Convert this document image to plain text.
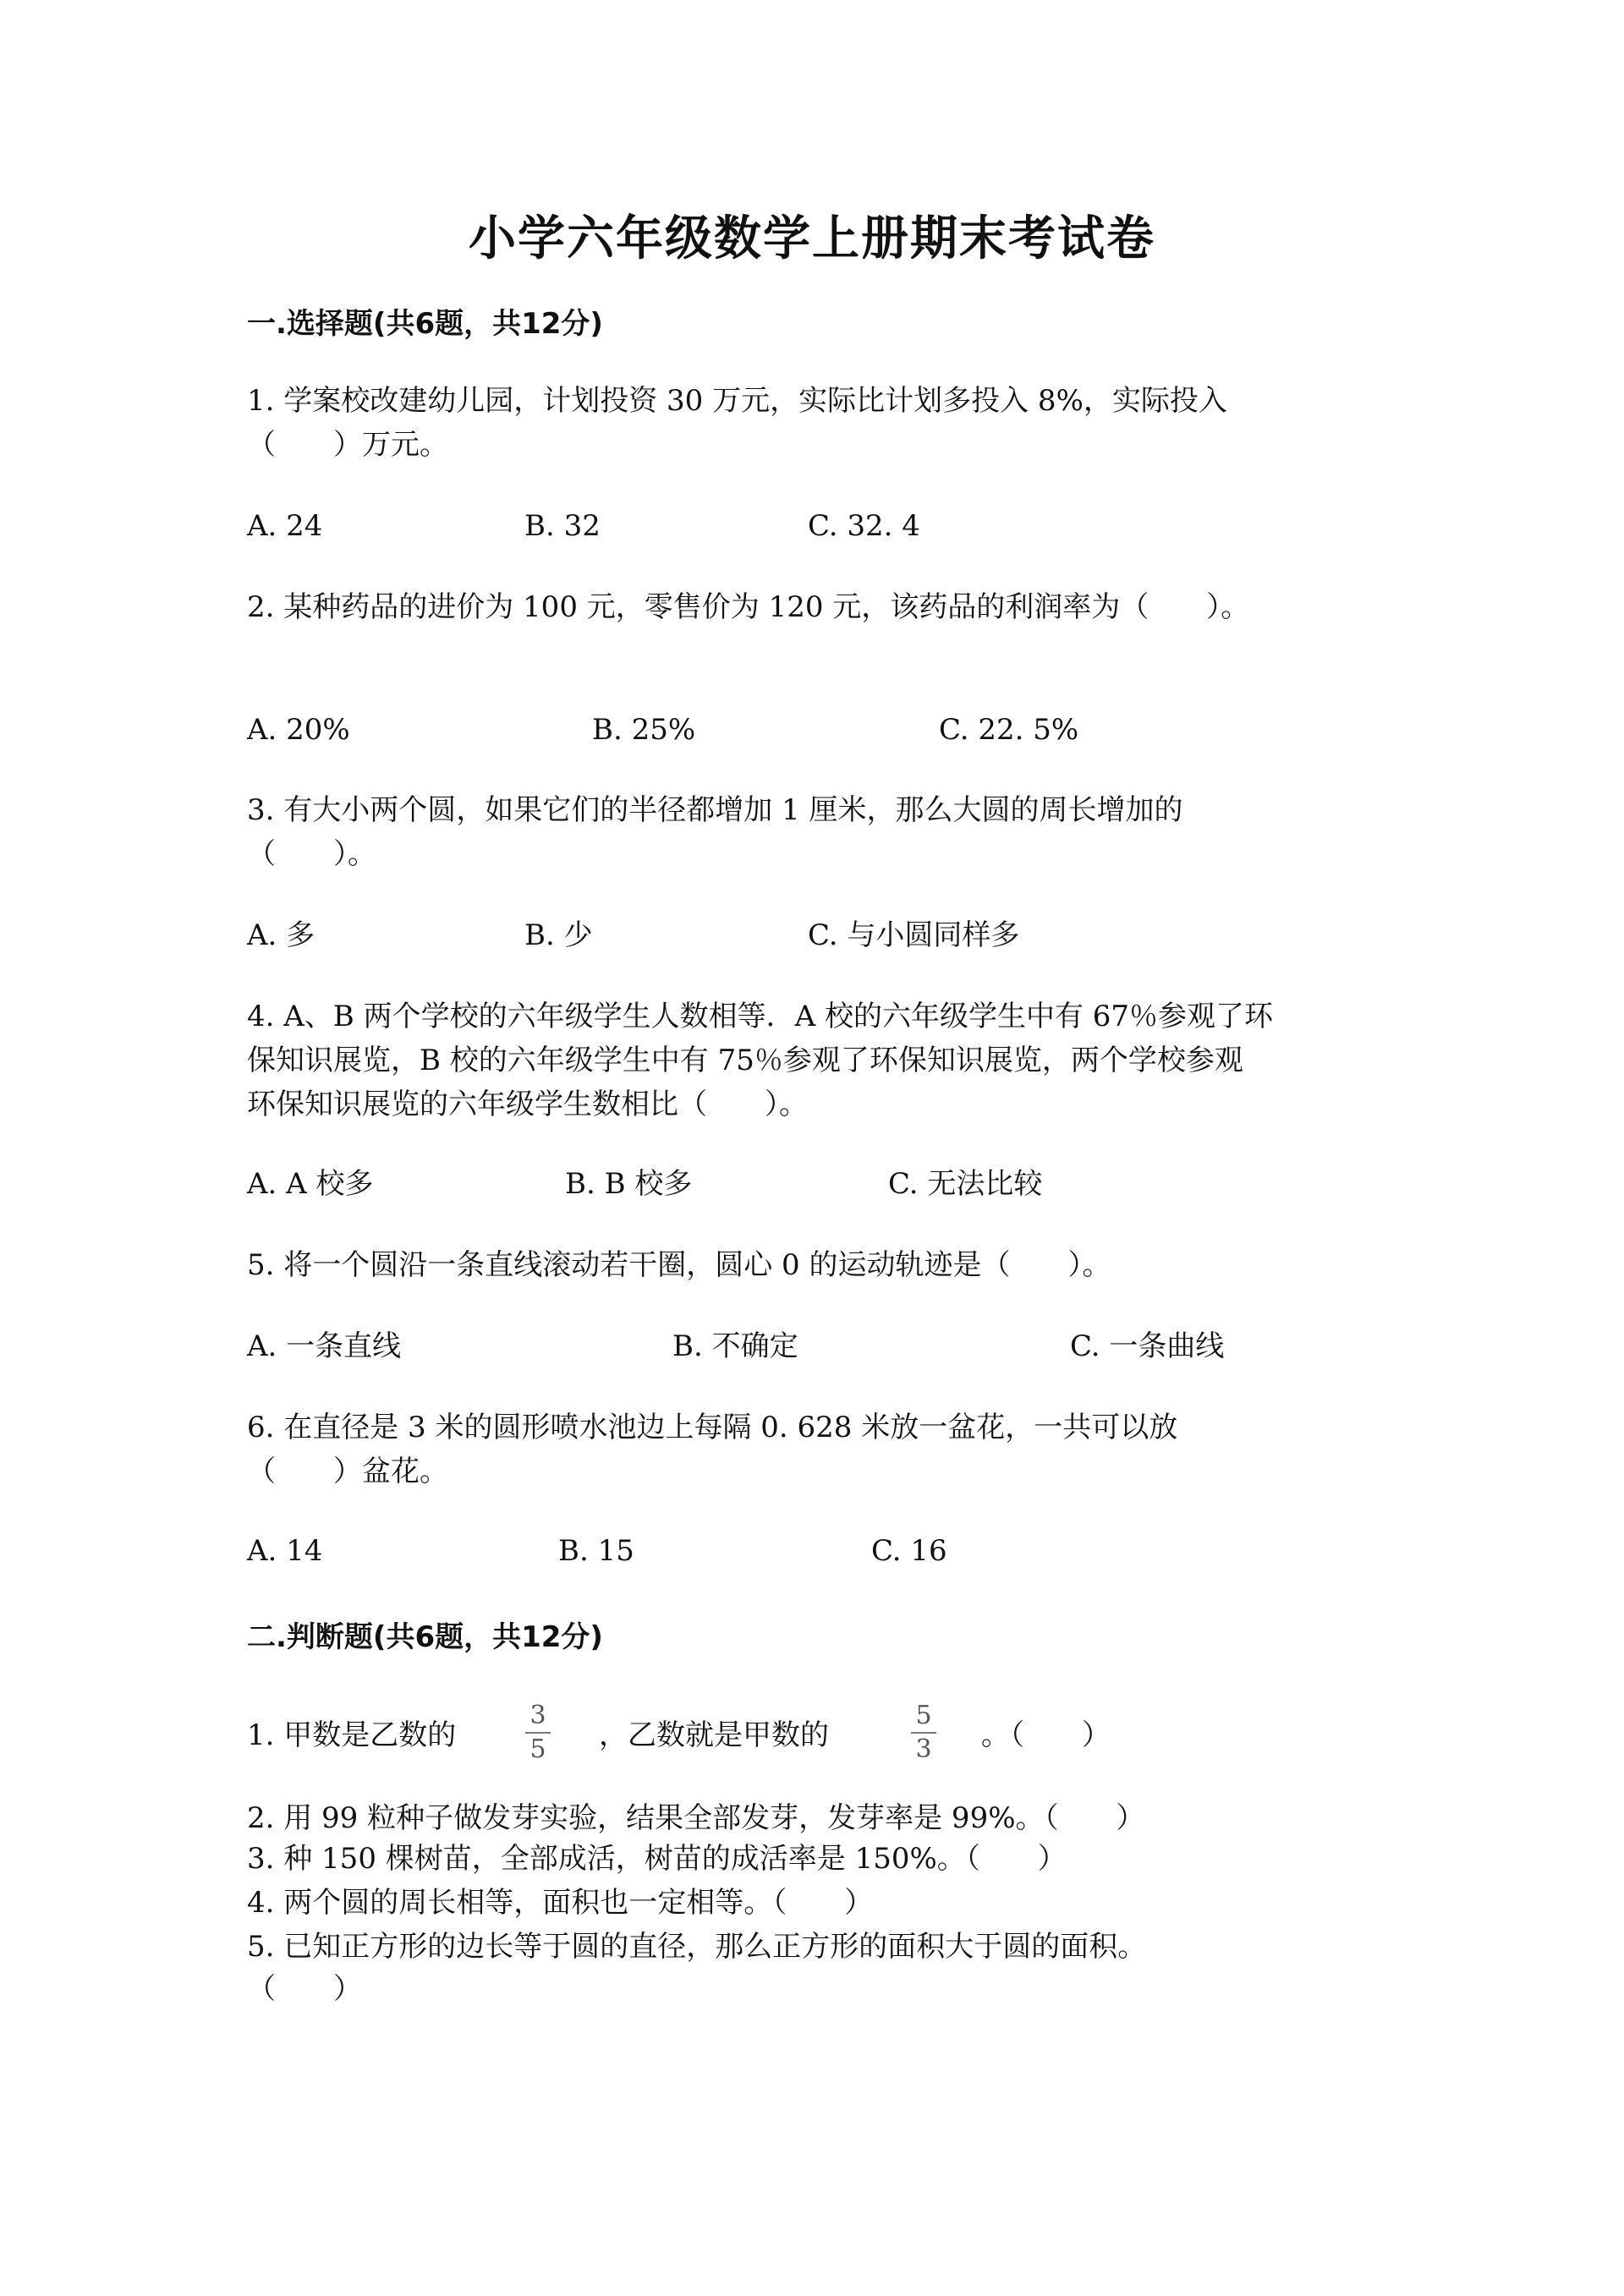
小学六年级数学上册期末考试卷
一.选择题(共6题，共12分)
1. 学案校改建幼儿园，计划投资 30 万元，实际比计划多投入 8%，实际投入
（　　）万元。
A. 24	B. 32	C. 32. 4
2. 某种药品的进价为 100 元，零售价为 120 元，该药品的利润率为（　　）。
A. 20%	B. 25%	C. 22. 5%
3. 有大小两个圆，如果它们的半径都增加 1 厘米，那么大圆的周长增加的
（　　）。
A. 多	B. 少	C. 与小圆同样多
4. A、B 两个学校的六年级学生人数相等．A 校的六年级学生中有 67％参观了环
保知识展览，B 校的六年级学生中有 75％参观了环保知识展览，两个学校参观
环保知识展览的六年级学生数相比（　　）。
A. A 校多	B. B 校多	C. 无法比较
5. 将一个圆沿一条直线滚动若干圈，圆心 0 的运动轨迹是（　　）。
A. 一条直线	B. 不确定	C. 一条曲线
6. 在直径是 3 米的圆形喷水池边上每隔 0. 628 米放一盆花，一共可以放
（　　）盆花。
A. 14	B. 15	C. 16
二.判断题(共6题，共12分)
1. 甲数是乙数的
3
5 ，乙数就是甲数的
5
3 。（　　）
2. 用 99 粒种子做发芽实验，结果全部发芽，发芽率是 99%。（　　）
3. 种 150 棵树苗，全部成活，树苗的成活率是 150%。（　　）
4. 两个圆的周长相等，面积也一定相等。（　　）
5. 已知正方形的边长等于圆的直径，那么正方形的面积大于圆的面积。
（　　）
